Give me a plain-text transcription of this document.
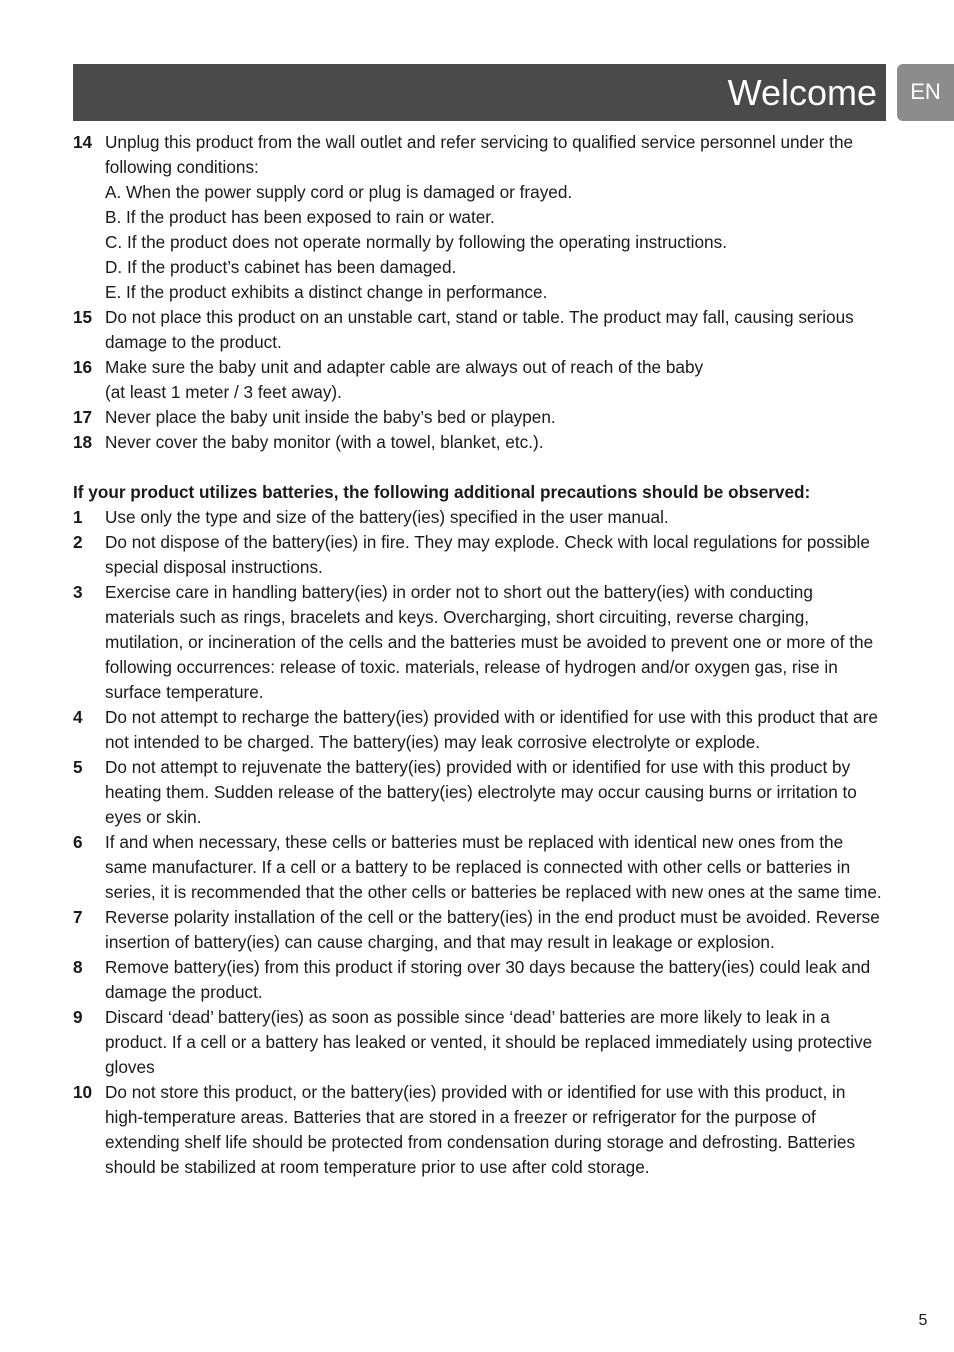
Welcome	EN
14 Unplug this product from the wall outlet and refer servicing to qualified service personnel under the following conditions:
A. When the power supply cord or plug is damaged or frayed.
B. If the product has been exposed to rain or water.
C. If the product does not operate normally by following the operating instructions.
D. If the product’s cabinet has been damaged.
E. If the product exhibits a distinct change in performance.
15 Do not place this product on an unstable cart, stand or table. The product may fall, causing serious damage to the product.
16 Make sure the baby unit and adapter cable are always out of reach of the baby
(at least 1 meter / 3 feet away).
17 Never place the baby unit inside the baby’s bed or playpen.
18 Never cover the baby monitor (with a towel, blanket, etc.).
If your product utilizes batteries, the following additional precautions should be observed:
1 Use only the type and size of the battery(ies) specified in the user manual.
2 Do not dispose of the battery(ies) in fire. They may explode. Check with local regulations for possible special disposal instructions.
3 Exercise care in handling battery(ies) in order not to short out the battery(ies) with conducting materials such as rings, bracelets and keys. Overcharging, short circuiting, reverse charging, mutilation, or incineration of the cells and the batteries must be avoided to prevent one or more of the following occurrences: release of toxic. materials, release of hydrogen and/or oxygen gas, rise in surface temperature.
4 Do not attempt to recharge the battery(ies) provided with or identified for use with this product that are not intended to be charged. The battery(ies) may leak corrosive electrolyte or explode.
5 Do not attempt to rejuvenate the battery(ies) provided with or identified for use with this product by heating them. Sudden release of the battery(ies) electrolyte may occur causing burns or irritation to eyes or skin.
6 If and when necessary, these cells or batteries must be replaced with identical new ones from the same manufacturer. If a cell or a battery to be replaced is connected with other cells or batteries in series, it is recommended that the other cells or batteries be replaced with new ones at the same time.
7 Reverse polarity installation of the cell or the battery(ies) in the end product must be avoided. Reverse insertion of battery(ies) can cause charging, and that may result in leakage or explosion.
8 Remove battery(ies) from this product if storing over 30 days because the battery(ies) could leak and damage the product.
9 Discard ‘dead’ battery(ies) as soon as possible since ‘dead’ batteries are more likely to leak in a product. If a cell or a battery has leaked or vented, it should be replaced immediately using protective gloves
10 Do not store this product, or the battery(ies) provided with or identified for use with this product, in high-temperature areas. Batteries that are stored in a freezer or refrigerator for the purpose of extending shelf life should be protected from condensation during storage and defrosting. Batteries should be stabilized at room temperature prior to use after cold storage.
5
